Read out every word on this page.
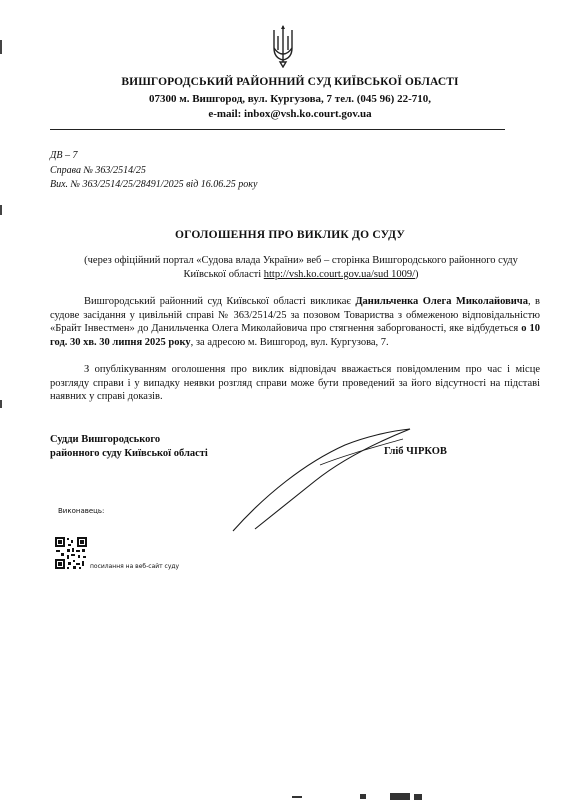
ВИШГОРОДСЬКИЙ РАЙОННИЙ СУД КИЇВСЬКОЇ ОБЛАСТІ
07300 м. Вишгород, вул. Кургузова, 7 тел. (045 96) 22-710,
e-mail: inbox@vsh.ko.court.gov.ua
ДВ – 7
Справа № 363/2514/25
Вих. № 363/2514/25/28491/2025 від 16.06.25 року
ОГОЛОШЕННЯ ПРО ВИКЛИК ДО СУДУ
(через офіційний портал «Судова влада України» веб – сторінка Вишгородського районного суду Київської області http://vsh.ko.court.gov.ua/sud 1009/)
Вишгородський районний суд Київської області викликає Данильченка Олега Миколайовича, в судове засідання у цивільній справі № 363/2514/25 за позовом Товариства з обмеженою відповідальністю «Брайт Інвестмен» до Данильченка Олега Миколайовича про стягнення заборгованості, яке відбудеться о 10 год. 30 хв. 30 липня 2025 року, за адресою м. Вишгород, вул. Кургузова, 7.
З опублікуванням оголошення про виклик відповідач вважається повідомленим про час і місце розгляду справи і у випадку неявки розгляд справи може бути проведений за його відсутності на підставі наявних у справі доказів.
Судди Вишгородського
районного суду Київської області	Гліб ЧІРКОВ
Виконавець:
посилання на веб-сайт суду
